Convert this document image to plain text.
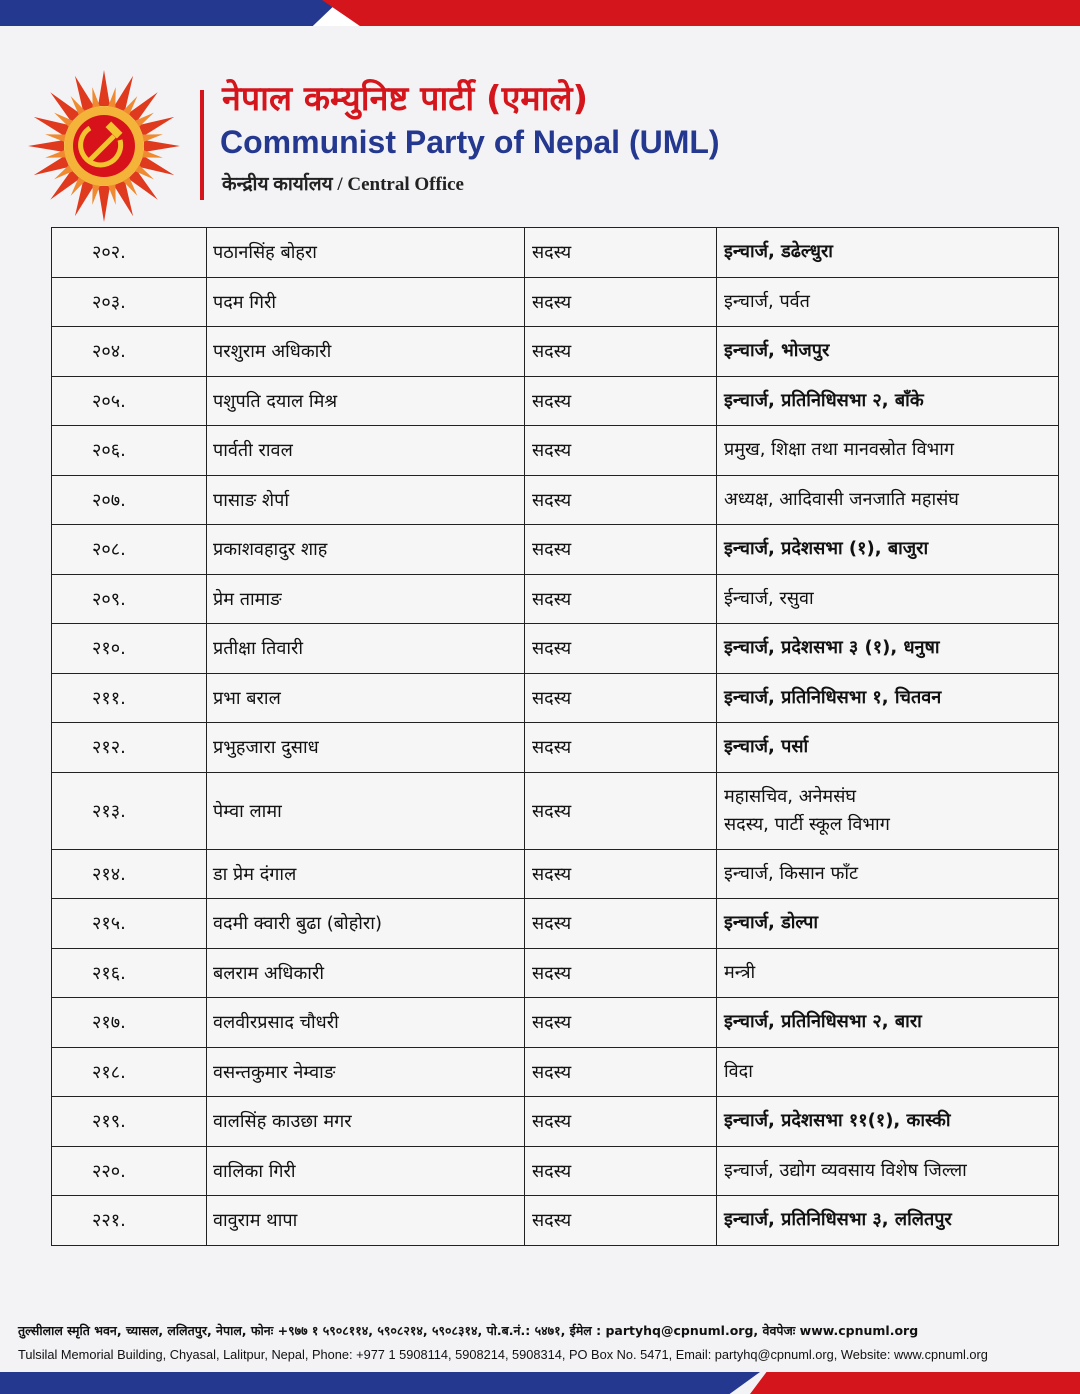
नेपाल कम्युनिष्ट पार्टी (एमाले)
Communist Party of Nepal (UML)
केन्द्रीय कार्यालय / Central Office
२०२.	पठानसिंह बोहरा	सदस्य	इन्चार्ज, डढेल्धुरा

२०३.	पदम गिरी	सदस्य	इन्चार्ज, पर्वत

२०४.	परशुराम अधिकारी	सदस्य	इन्चार्ज, भोजपुर

२०५.	पशुपति दयाल मिश्र	सदस्य	इन्चार्ज, प्रतिनिधिसभा २, बाँके

२०६.	पार्वती रावल	सदस्य	प्रमुख, शिक्षा तथा मानवस्रोत विभाग

२०७.	पासाङ शेर्पा	सदस्य	अध्यक्ष, आदिवासी जनजाति महासंघ

२०८.	प्रकाशवहादुर शाह	सदस्य	इन्चार्ज, प्रदेशसभा (१), बाजुरा

२०९.	प्रेम तामाङ	सदस्य	ईन्चार्ज, रसुवा

२१०.	प्रतीक्षा तिवारी	सदस्य	इन्चार्ज, प्रदेशसभा ३ (१), धनुषा

२११.	प्रभा बराल	सदस्य	इन्चार्ज, प्रतिनिधिसभा १, चितवन

२१२.	प्रभुहजारा दुसाध	सदस्य	इन्चार्ज, पर्सा

२१३.	पेम्वा लामा	सदस्य	महासचिव, अनेमसंघ
सदस्य, पार्टी स्कूल विभाग

२१४.	डा प्रेम दंगाल	सदस्य	इन्चार्ज, किसान फाँट

२१५.	वदमी क्वारी बुढा (बोहोरा)	सदस्य	इन्चार्ज, डोल्पा

२१६.	बलराम अधिकारी	सदस्य	मन्त्री

२१७.	वलवीरप्रसाद चौधरी	सदस्य	इन्चार्ज, प्रतिनिधिसभा २, बारा

२१८.	वसन्तकुमार नेम्वाङ	सदस्य	विदा

२१९.	वालसिंह काउछा मगर	सदस्य	इन्चार्ज, प्रदेशसभा ११(१), कास्की

२२०.	वालिका गिरी	सदस्य	इन्चार्ज, उद्योग व्यवसाय विशेष जिल्ला

२२१.	वावुराम थापा	सदस्य	इन्चार्ज, प्रतिनिधिसभा ३, ललितपुर
तुल्सीलाल स्मृति भवन, च्यासल, ललितपुर, नेपाल, फोनः +९७७ १ ५९०८११४, ५९०८२१४, ५९०८३१४, पो.ब.नं.: ५४७१, ईमेल : partyhq@cpnuml.org, वेवपेजः www.cpnuml.org
Tulsilal Memorial Building, Chyasal, Lalitpur, Nepal, Phone: +977 1 5908114, 5908214, 5908314, PO Box No. 5471, Email: partyhq@cpnuml.org, Website: www.cpnuml.org
